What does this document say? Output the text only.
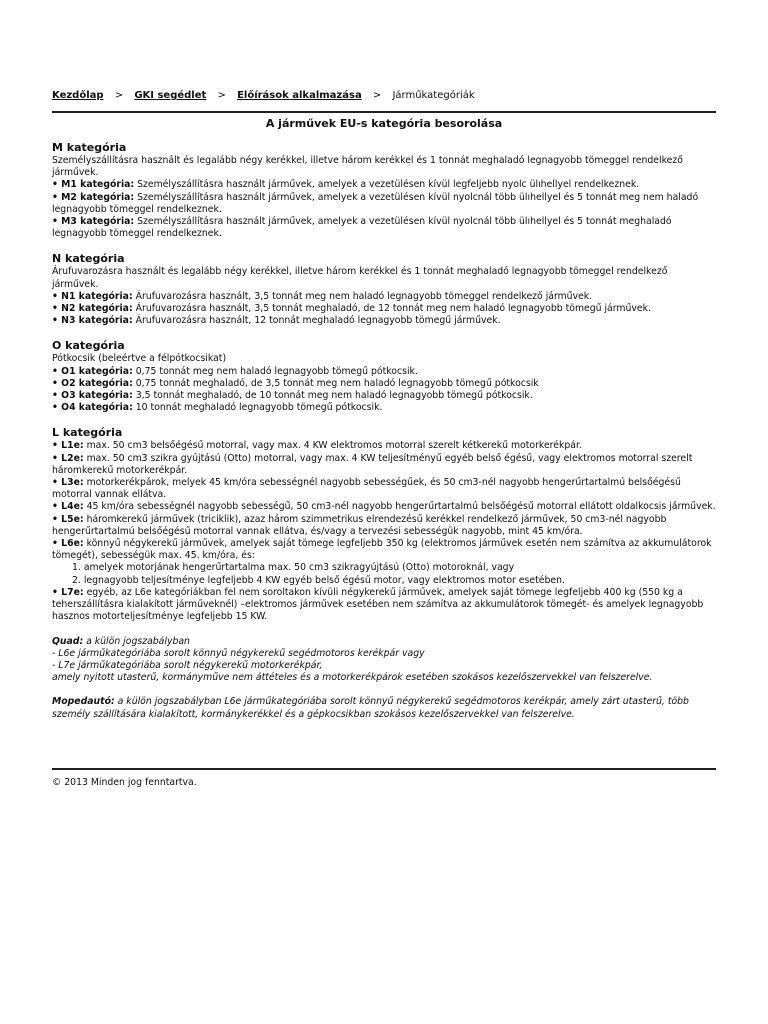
Kezdőlap > GKI segédlet > Előírások alkalmazása > Járműkategóriák
A járművek EU-s kategória besorolása
M kategória

Személyszállításra használt és legalább négy kerékkel, illetve három kerékkel és 1 tonnát meghaladó legnagyobb tömeggel rendelkező járművek.

• M1 kategória: Személyszállításra használt járművek, amelyek a vezetülésen kívül legfeljebb nyolc ülıhellyel rendelkeznek.

• M2 kategória: Személyszállításra használt járművek, amelyek a vezetülésen kívül nyolcnál több ülıhellyel és 5 tonnát meg nem haladó legnagyobb tömeggel rendelkeznek.

• M3 kategória: Személyszállításra használt járművek, amelyek a vezetülésen kívül nyolcnál több ülıhellyel és 5 tonnát meghaladó legnagyobb tömeggel rendelkeznek.

N kategória

Árufuvarozásra használt és legalább négy kerékkel, illetve három kerékkel és 1 tonnát meghaladó legnagyobb tömeggel rendelkező járművek.

• N1 kategória: Árufuvarozásra használt, 3,5 tonnát meg nem haladó legnagyobb tömeggel rendelkező járművek.

• N2 kategória: Árufuvarozásra használt, 3,5 tonnát meghaladó, de 12 tonnát meg nem haladó legnagyobb tömegű járművek.

• N3 kategória: Árufuvarozásra használt, 12 tonnát meghaladó legnagyobb tömegű járművek.

O kategória

Pótkocsik (beleértve a félpótkocsikat)

• O1 kategória: 0,75 tonnát meg nem haladó legnagyobb tömegű pótkocsik.

• O2 kategória: 0,75 tonnát meghaladó, de 3,5 tonnát meg nem haladó legnagyobb tömegű pótkocsik

• O3 kategória: 3,5 tonnát meghaladó, de 10 tonnát meg nem haladó legnagyobb tömegű pótkocsik.

• O4 kategória: 10 tonnát meghaladó legnagyobb tömegű pótkocsik.

L kategória

• L1e: max. 50 cm3 belsőégésű motorral, vagy max. 4 KW elektromos motorral szerelt kétkerekű motorkerékpár.

• L2e: max. 50 cm3 szikra gyújtású (Otto) motorral, vagy max. 4 KW teljesítményű egyéb belső égésű, vagy elektromos motorral szerelt háromkerekű motorkerékpár.

• L3e: motorkerékpárok, melyek 45 km/óra sebességnél nagyobb sebességűek, és 50 cm3-nél nagyobb hengerűrtartalmú belsőégésű motorral vannak ellátva.

• L4e: 45 km/óra sebességnél nagyobb sebességű, 50 cm3-nél nagyobb hengerűrtartalmú belsőégésű motorral ellátott oldalkocsis járművek.

• L5e: háromkerekű járművek (triciklik), azaz három szimmetrikus elrendezésű kerékkel rendelkező járművek, 50 cm3-nél nagyobb hengerűrtartalmú belsőégésű motorral vannak ellátva, és/vagy a tervezési sebességük nagyobb, mint 45 km/óra.

• L6e: könnyű négykerekű járművek, amelyek saját tömege legfeljebb 350 kg (elektromos járművek esetén nem számítva az akkumulátorok tömegét), sebességük max. 45. km/óra, és:

1. amelyek motorjának hengerűrtartalma max. 50 cm3 szikragyújtású (Otto) motoroknál, vagy

2. legnagyobb teljesítménye legfeljebb 4 KW egyéb belső égésű motor, vagy elektromos motor esetében.

• L7e: egyéb, az L6e kategóriákban fel nem soroltakon kívüli négykerekű járművek, amelyek saját tömege legfeljebb 400 kg (550 kg a teherszállításra kialakított járműveknél) –elektromos járművek esetében nem számítva az akkumulátorok tömegét- és amelyek legnagyobb hasznos motorteljesítménye legfeljebb 15 KW.

Quad: a külön jogszabályban

- L6e járműkategóriába sorolt könnyű négykerekű segédmotoros kerékpár vagy

- L7e járműkategóriába sorolt négykerekű motorkerékpár,

amely nyitott utasterű, kormányművе nem áttételes és a motorkerékpárok esetében szokásos kezelőszervekkel van felszerelve.

Mopedautó: a külön jogszabályban L6e járműkategóriába sorolt könnyű négykerekű segédmotoros kerékpár, amely zárt utasterű, több személy szállítására kialakított, kormánykerékkel és a gépkocsikban szokásos kezelőszervekkel van felszerelve.

© 2013 Minden jog fenntartva.
